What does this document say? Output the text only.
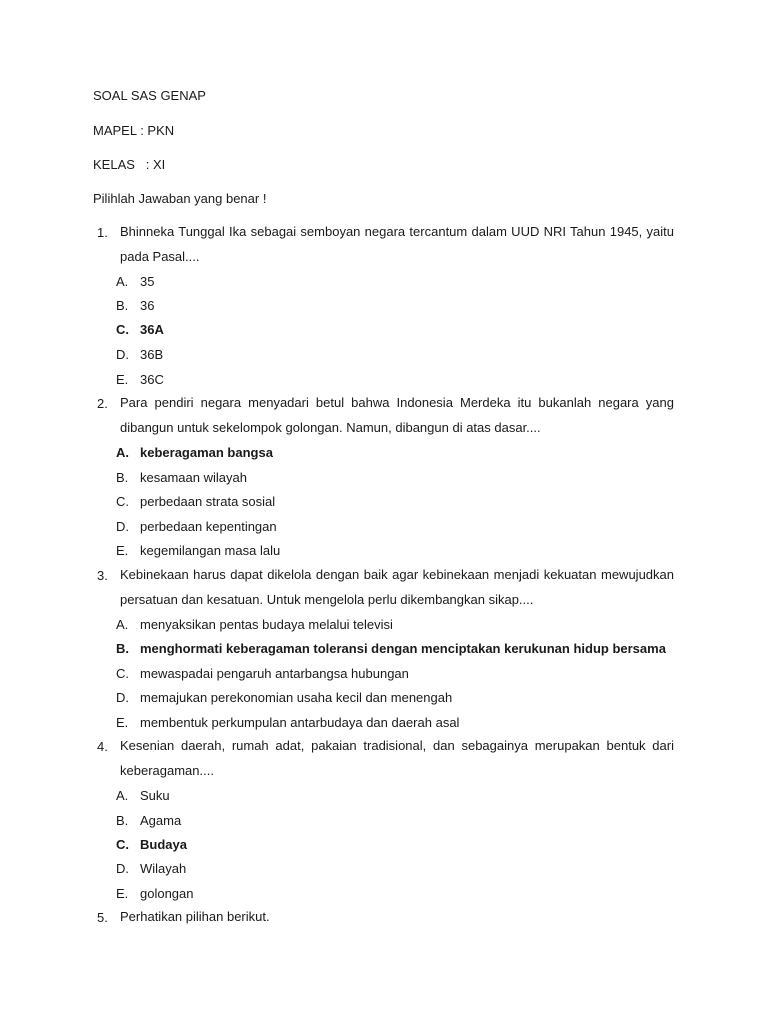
SOAL SAS GENAP
MAPEL : PKN
KELAS   : XI
Pilihlah Jawaban yang benar !
1. Bhinneka Tunggal Ika sebagai semboyan negara tercantum dalam UUD NRI Tahun 1945, yaitu pada Pasal....
A. 35
B. 36
C. 36A
D. 36B
E. 36C
2. Para pendiri negara menyadari betul bahwa Indonesia Merdeka itu bukanlah negara yang dibangun untuk sekelompok golongan. Namun, dibangun di atas dasar....
A. keberagaman bangsa
B. kesamaan wilayah
C. perbedaan strata sosial
D. perbedaan kepentingan
E. kegemilangan masa lalu
3. Kebinekaan harus dapat dikelola dengan baik agar kebinekaan menjadi kekuatan mewujudkan persatuan dan kesatuan. Untuk mengelola perlu dikembangkan sikap....
A. menyaksikan pentas budaya melalui televisi
B. menghormati keberagaman toleransi dengan menciptakan kerukunan hidup bersama
C. mewaspadai pengaruh antarbangsa hubungan
D. memajukan perekonomian usaha kecil dan menengah
E. membentuk perkumpulan antarbudaya dan daerah asal
4. Kesenian daerah, rumah adat, pakaian tradisional, dan sebagainya merupakan bentuk dari keberagaman....
A. Suku
B. Agama
C. Budaya
D. Wilayah
E. golongan
5. Perhatikan pilihan berikut.
